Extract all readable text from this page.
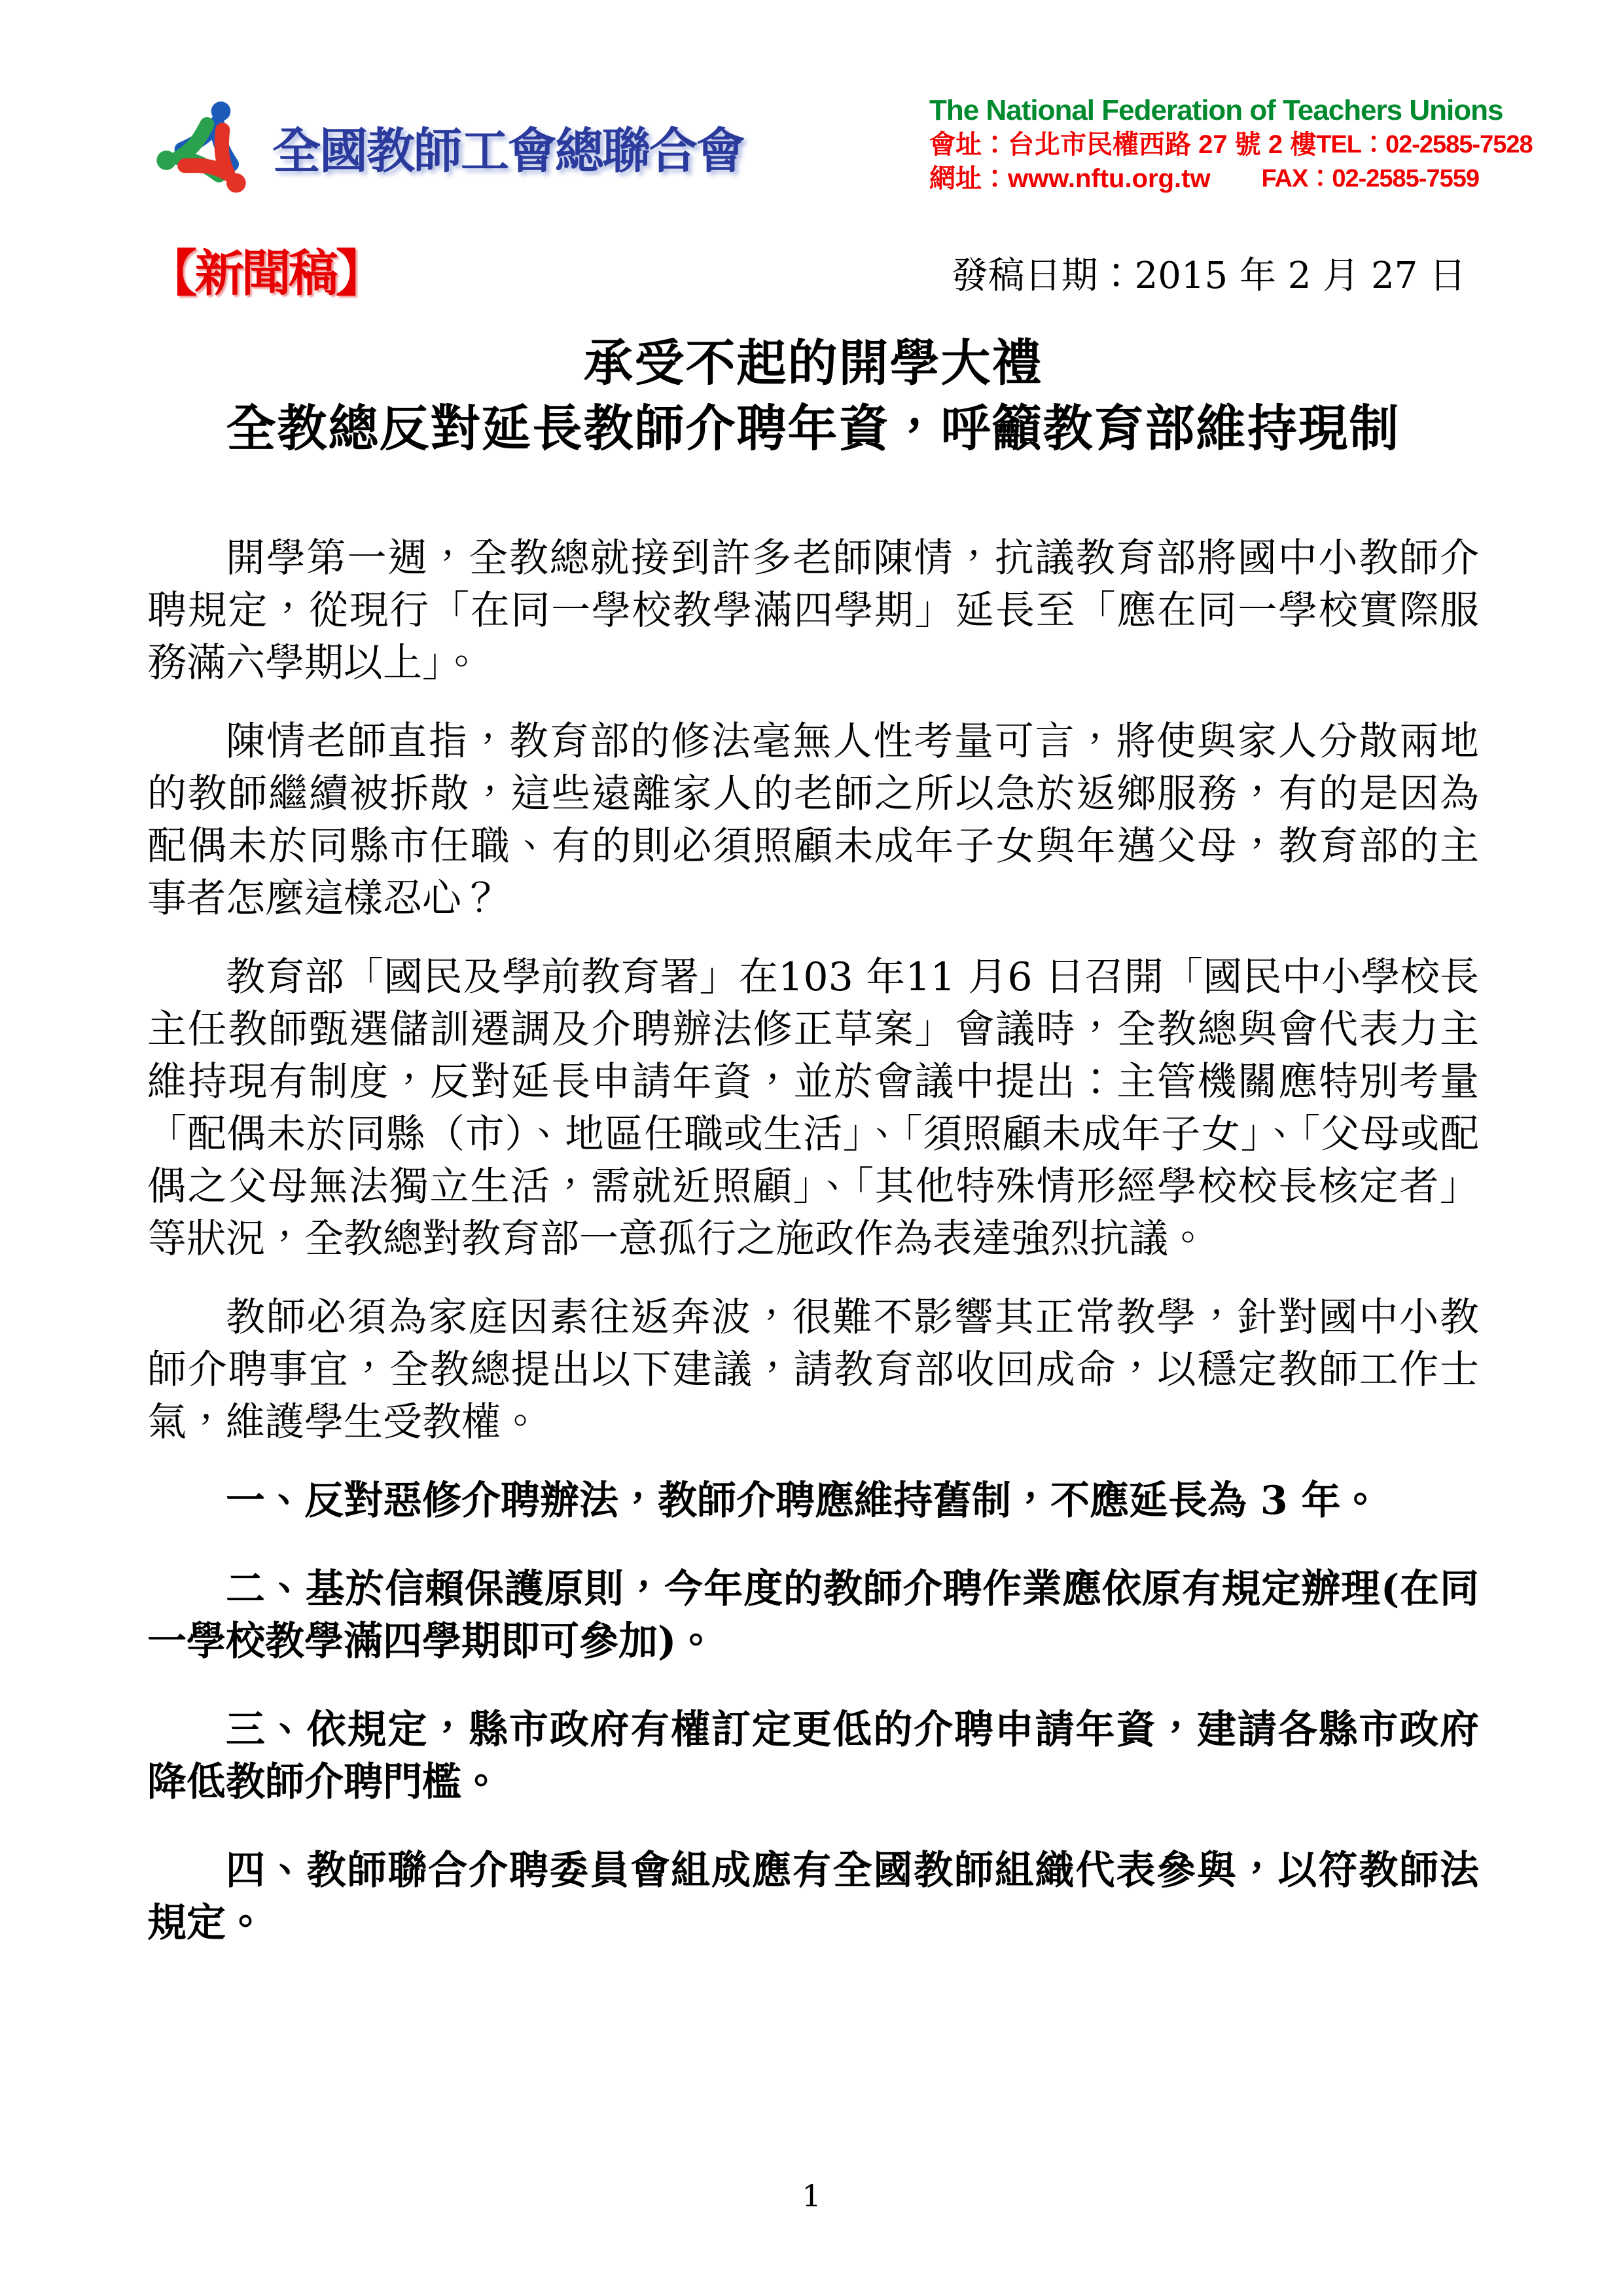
全國教師工會總聯合會
The National Federation of Teachers Unions
會址：台北市民權西路 27 號 2 樓 TEL：02-2585-7528
網址：www.nftu.org.tw FAX：02-2585-7559
【新聞稿】	發稿日期：2015 年 2 月 27 日
承受不起的開學大禮
全教總反對延長教師介聘年資，呼籲教育部維持現制

開學第一週，全教總就接到許多老師陳情，抗議教育部將國中小教師介聘規定，從現行「在同一學校教學滿四學期」延長至「應在同一學校實際服務滿六學期以上」。

陳情老師直指，教育部的修法毫無人性考量可言，將使與家人分散兩地的教師繼續被拆散，這些遠離家人的老師之所以急於返鄉服務，有的是因為配偶未於同縣市任職、有的則必須照顧未成年子女與年邁父母，教育部的主事者怎麼這樣忍心？

教育部「國民及學前教育署」在103 年11 月6 日召開「國民中小學校長主任教師甄選儲訓遷調及介聘辦法修正草案」會議時，全教總與會代表力主維持現有制度，反對延長申請年資，並於會議中提出：主管機關應特別考量「配偶未於同縣（市）、地區任職或生活」、「須照顧未成年子女」、「父母或配偶之父母無法獨立生活，需就近照顧」、「其他特殊情形經學校校長核定者」等狀況，全教總對教育部一意孤行之施政作為表達強烈抗議。

教師必須為家庭因素往返奔波，很難不影響其正常教學，針對國中小教師介聘事宜，全教總提出以下建議，請教育部收回成命，以穩定教師工作士氣，維護學生受教權。

一、反對惡修介聘辦法，教師介聘應維持舊制，不應延長為 3 年。

二、基於信賴保護原則，今年度的教師介聘作業應依原有規定辦理(在同一學校教學滿四學期即可參加)。

三、依規定，縣市政府有權訂定更低的介聘申請年資，建請各縣市政府降低教師介聘門檻。

四、教師聯合介聘委員會組成應有全國教師組織代表參與，以符教師法規定。

1
